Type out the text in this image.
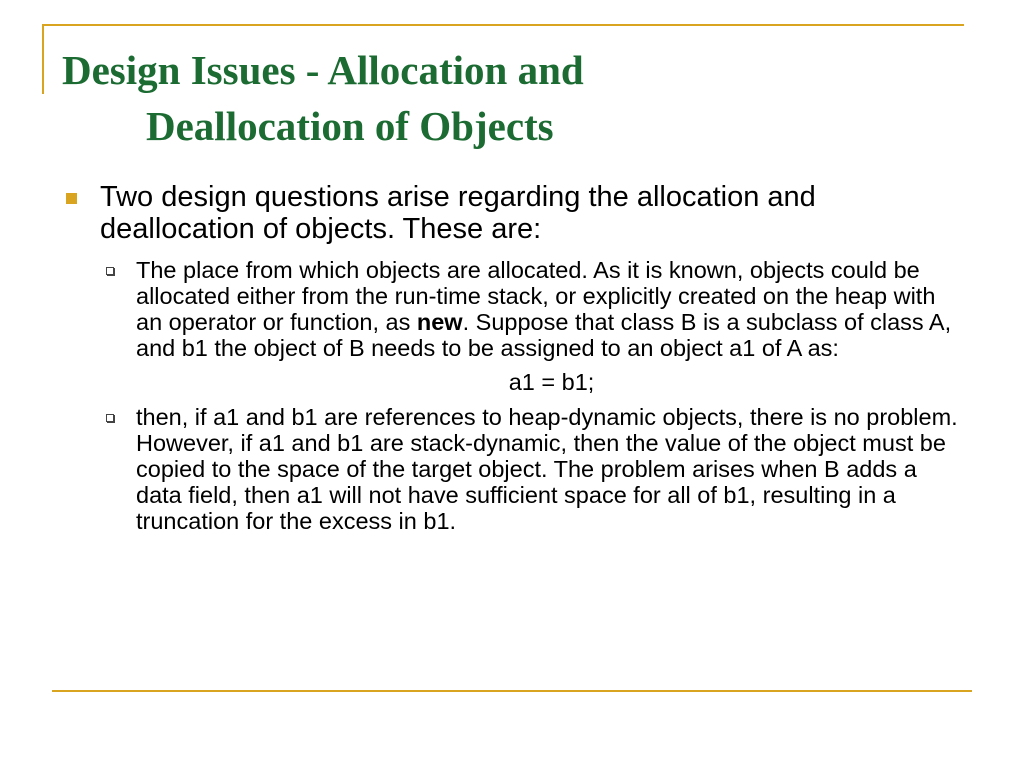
Design Issues - Allocation and
Deallocation of Objects

Two design questions arise regarding the allocation and deallocation of objects. These are:

The place from which objects are allocated. As it is known, objects could be allocated either from the run-time stack, or explicitly created on the heap with an operator or function, as new. Suppose that class B is a subclass of class A, and b1 the object of B needs to be assigned to an object a1 of A as:

a1 = b1;

then, if a1 and b1 are references to heap-dynamic objects, there is no problem. However, if a1 and b1 are stack-dynamic, then the value of the object must be copied to the space of the target object. The problem arises when B adds a data field, then a1 will not have sufficient space for all of b1, resulting in a truncation for the excess in b1.
